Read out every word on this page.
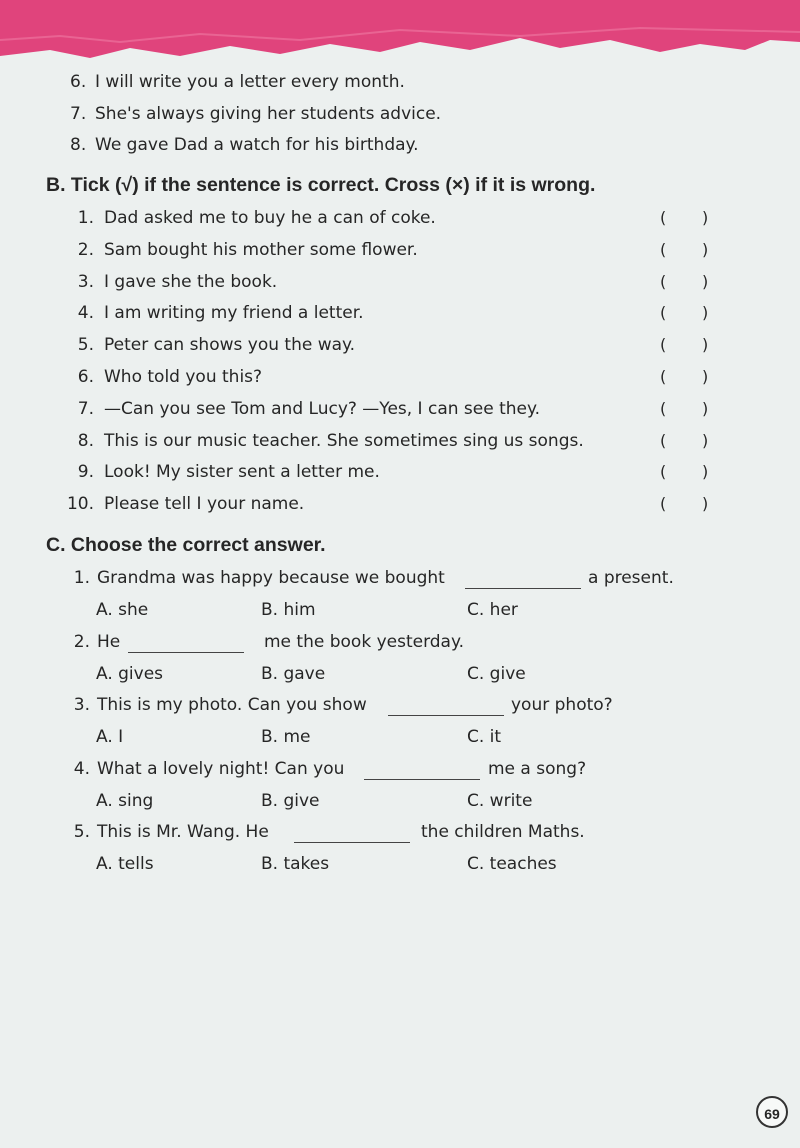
6. I will write you a letter every month.
7. She's always giving her students advice.
8. We gave Dad a watch for his birthday.
B. Tick (√) if the sentence is correct. Cross (×) if it is wrong.
1. Dad asked me to buy he a can of coke.	( )
2. Sam bought his mother some flower.	( )
3. I gave she the book.	( )
4. I am writing my friend a letter.	( )
5. Peter can shows you the way.	( )
6. Who told you this?	( )
7. —Can you see Tom and Lucy? —Yes, I can see they.	( )
8. This is our music teacher. She sometimes sing us songs.	( )
9. Look! My sister sent a letter me.	( )
10. Please tell I your name.	( )
C. Choose the correct answer.
1. Grandma was happy because we bought	a present.
A. she	B. him	C. her
2. He	me the book yesterday.
A. gives	B. gave	C. give
3. This is my photo. Can you show	your photo?
A. I	B. me	C. it
4. What a lovely night! Can you	me a song?
A. sing	B. give	C. write
5. This is Mr. Wang. He	the children Maths.
A. tells	B. takes	C. teaches
69
